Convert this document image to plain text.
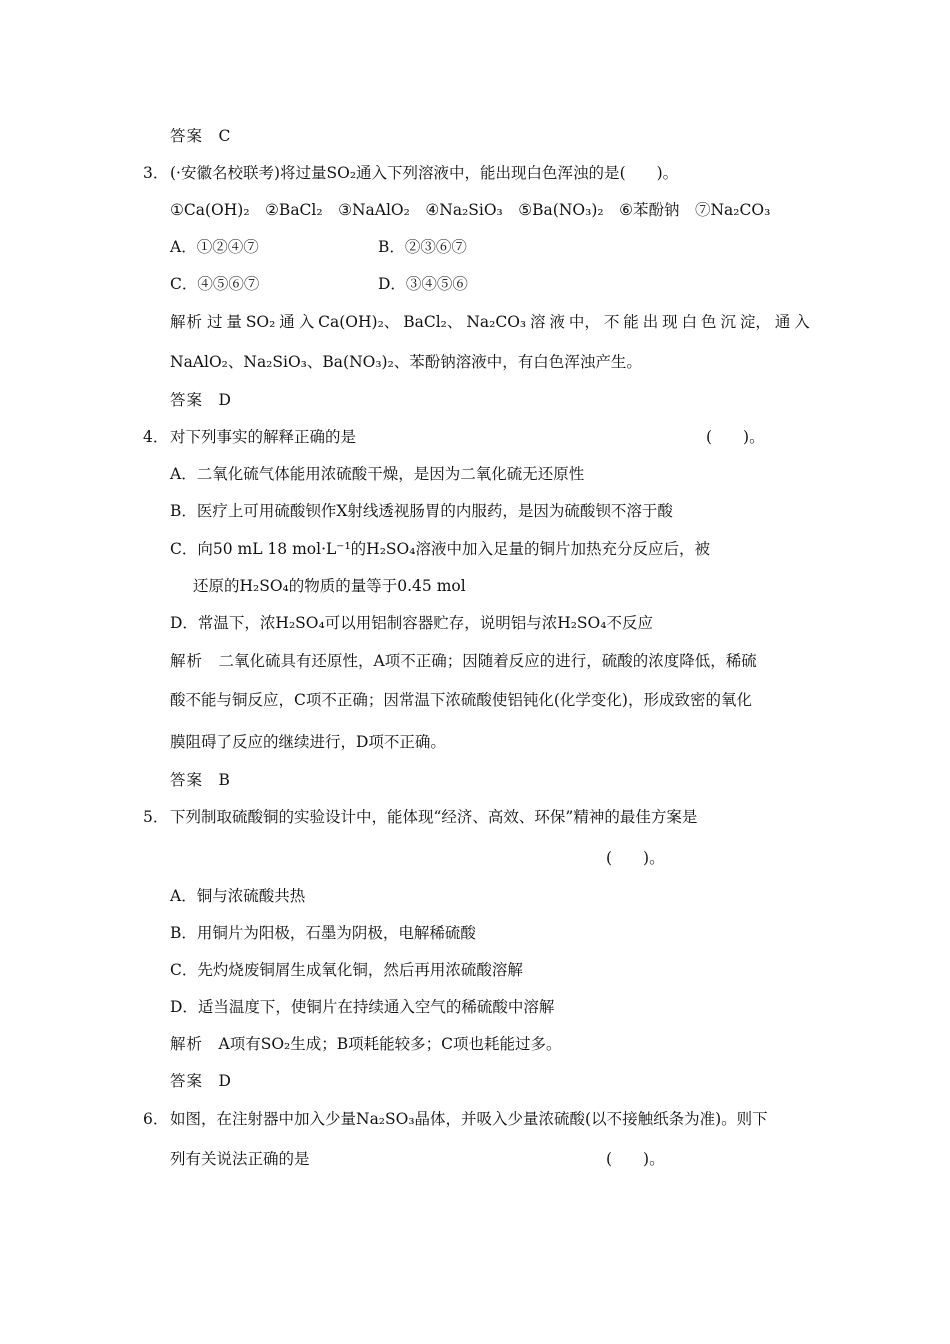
答案　 C
3． (·安徽名校联考)将过量SO₂通入下列溶液中，能出现白色浑浊的是(　　)。
①Ca(OH)₂　②BaCl₂　③NaAlO₂　④Na₂SiO₃　⑤Ba(NO₃)₂　⑥苯酚钠　⑦Na₂CO₃
A．①②④⑦	B．②③⑥⑦
C．④⑤⑥⑦	D．③④⑤⑥
解析 过 量 SO₂ 通 入 Ca(OH)₂、 BaCl₂、 Na₂CO₃ 溶 液 中， 不 能 出 现 白 色 沉 淀， 通 入
NaAlO₂、Na₂SiO₃、Ba(NO₃)₂、苯酚钠溶液中，有白色浑浊产生。
答案　 D
4． 对下列事实的解释正确的是	(　　)。
A．二氧化硫气体能用浓硫酸干燥，是因为二氧化硫无还原性
B．医疗上可用硫酸钡作X射线透视肠胃的内服药，是因为硫酸钡不溶于酸
C．向50 mL 18 mol·L⁻¹的H₂SO₄溶液中加入足量的铜片加热充分反应后，被
还原的H₂SO₄的物质的量等于0.45 mol
D．常温下，浓H₂SO₄可以用铝制容器贮存，说明铝与浓H₂SO₄不反应
解析　 二氧化硫具有还原性，A项不正确；因随着反应的进行，硫酸的浓度降低，稀硫
酸不能与铜反应，C项不正确；因常温下浓硫酸使铝钝化(化学变化)，形成致密的氧化
膜阻碍了反应的继续进行，D项不正确。
答案　 B
5． 下列制取硫酸铜的实验设计中，能体现“经济、高效、环保”精神的最佳方案是
(　　)。
A．铜与浓硫酸共热
B．用铜片为阳极，石墨为阴极，电解稀硫酸
C．先灼烧废铜屑生成氧化铜，然后再用浓硫酸溶解
D．适当温度下，使铜片在持续通入空气的稀硫酸中溶解
解析　 A项有SO₂生成；B项耗能较多；C项也耗能过多。
答案　 D
6． 如图，在注射器中加入少量Na₂SO₃晶体，并吸入少量浓硫酸(以不接触纸条为准)。则下
列有关说法正确的是	(　　)。
